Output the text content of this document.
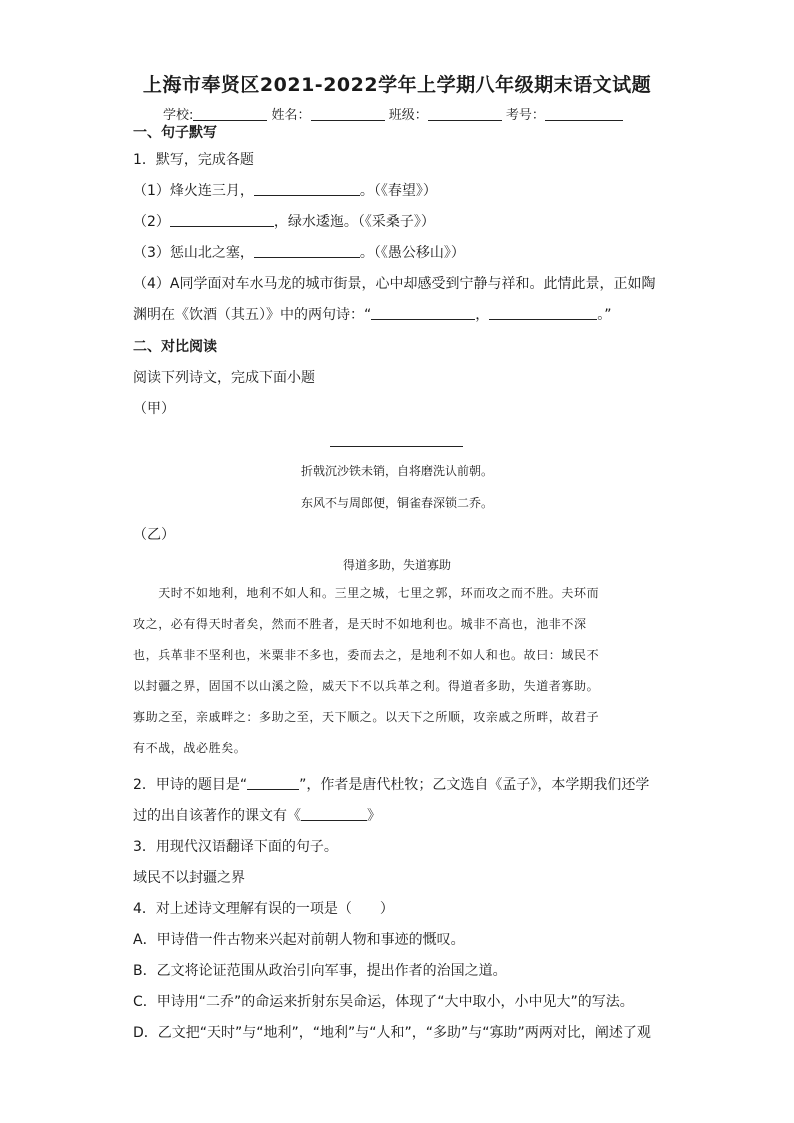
上海市奉贤区2021-2022学年上学期八年级期末语文试题
学校:	姓名：	班级：	考号：
一、句子默写
1．默写，完成各题
（1）烽火连三月，	。（《春望》）
（2）	，绿水逶迤。（《采桑子》）
（3）惩山北之塞，	。（《愚公移山》）
（4）A同学面对车水马龙的城市街景，心中却感受到宁静与祥和。此情此景，正如陶
渊明在《饮酒（其五）》中的两句诗：“	，	。”
二、对比阅读
阅读下列诗文，完成下面小题
（甲）
折戟沉沙铁未销，自将磨洗认前朝。
东风不与周郎便，铜雀春深锁二乔。
（乙）
得道多助，失道寡助
　　天时不如地利，地利不如人和。三里之城，七里之郭，环而攻之而不胜。夫环而
攻之，必有得天时者矣，然而不胜者，是天时不如地利也。城非不高也，池非不深
也，兵革非不坚利也，米粟非不多也，委而去之，是地利不如人和也。故曰：域民不
以封疆之界，固国不以山溪之险，威天下不以兵革之利。得道者多助，失道者寡助。
寡助之至，亲戚畔之：多助之至，天下顺之。以天下之所顺，攻亲戚之所畔，故君子
有不战，战必胜矣。
2．甲诗的题目是“	”，作者是唐代杜牧；乙文选自《孟子》，本学期我们还学
过的出自该著作的课文有《	》
3．用现代汉语翻译下面的句子。
域民不以封疆之界
4．对上述诗文理解有误的一项是（　　）
A．甲诗借一件古物来兴起对前朝人物和事迹的慨叹。
B．乙文将论证范围从政治引向军事，提出作者的治国之道。
C．甲诗用“二乔”的命运来折射东吴命运，体现了“大中取小，小中见大”的写法。
D．乙文把“天时”与“地利”，“地利”与“人和”，“多助”与“寡助”两两对比，阐述了观
